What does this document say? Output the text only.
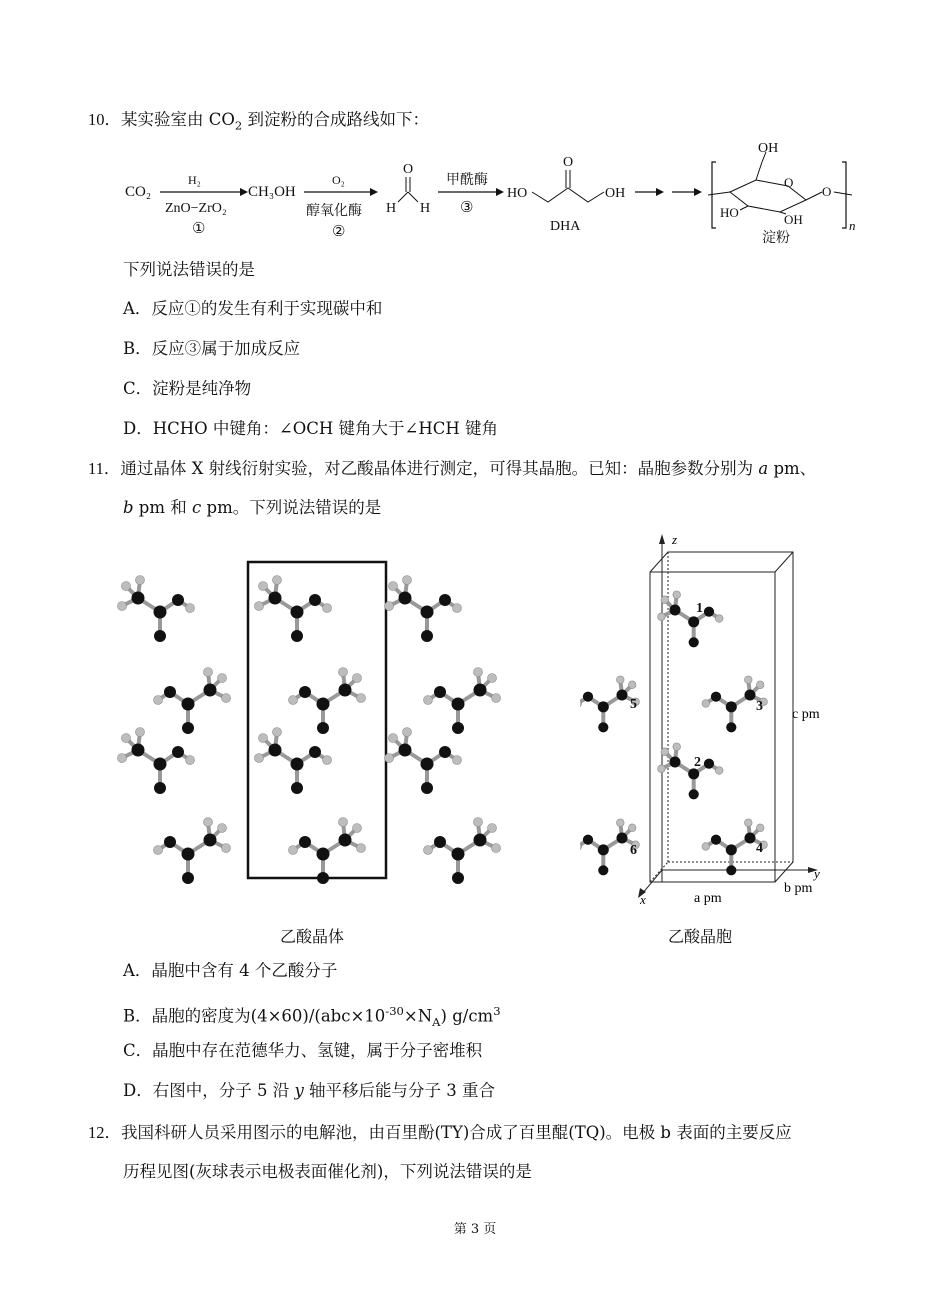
10．某实验室由 $CO_2$ 到淀粉的合成路线如下：
CO₂
H₂
ZnO−ZrO₂
①
CH₃OH
O₂
醇氧化酶
②
O
H H
甲酰酶
③
HO
O
OH
DHA
OH
O
O
HO	OH	n
淀粉
下列说法错误的是
A．反应①的发生有利于实现碳中和
B．反应③属于加成反应
C．淀粉是纯净物
D．HCHO 中键角：∠OCH 键角大于∠HCH 键角
11．通过晶体 X 射线衍射实验，对乙酸晶体进行测定，可得其晶胞。已知：晶胞参数分别为 a pm、
b pm 和 c pm。下列说法错误的是
z
y
x	a pm
b pm
c pm
1
2
3
4
5
6
乙酸晶体	乙酸晶胞
A．晶胞中含有 4 个乙酸分子
B．晶胞的密度为$(4\times 60)/(abc\times 10^{-30}\times N_A)$ $g/cm^3$
C．晶胞中存在范德华力、氢键，属于分子密堆积
D．右图中，分子 5 沿 y 轴平移后能与分子 3 重合
12．我国科研人员采用图示的电解池，由百里酚(TY)合成了百里醌(TQ)。电极 b 表面的主要反应
历程见图(灰球表示电极表面催化剂)，下列说法错误的是
第 3 页
